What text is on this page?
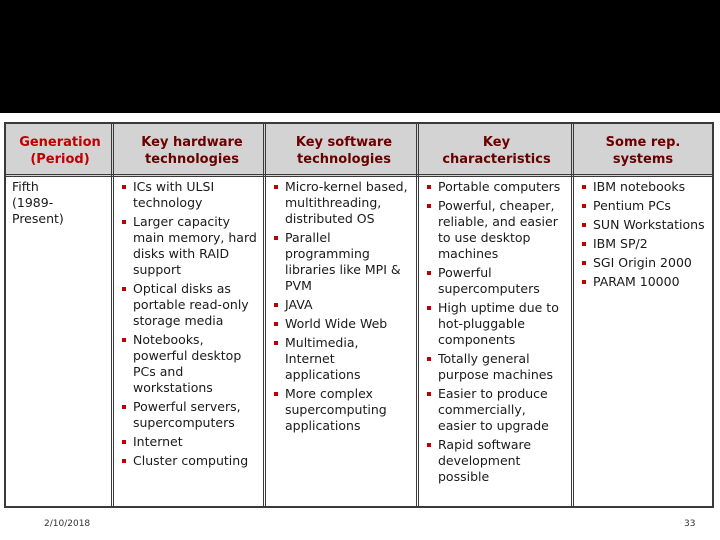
Generation
(Period)
Key hardware
technologies
Key software
technologies
Key
characteristics
Some rep.
systems
Fifth
(1989-
Present)
ICs with ULSI technology
Larger capacity main memory, hard disks with RAID support
Optical disks as portable read-only storage media
Notebooks, powerful desktop PCs and workstations
Powerful servers, supercomputers
Internet
Cluster computing
Micro-kernel based, multithreading, distributed OS
Parallel programming libraries like MPI & PVM
JAVA
World Wide Web
Multimedia, Internet applications
More complex supercomputing applications
Portable computers
Powerful, cheaper, reliable, and easier to use desktop machines
Powerful supercomputers
High uptime due to hot-pluggable components
Totally general purpose machines
Easier to produce commercially, easier to upgrade
Rapid software development possible
IBM notebooks
Pentium PCs
SUN Workstations
IBM SP/2
SGI Origin 2000
PARAM 10000
2/10/2018	33
